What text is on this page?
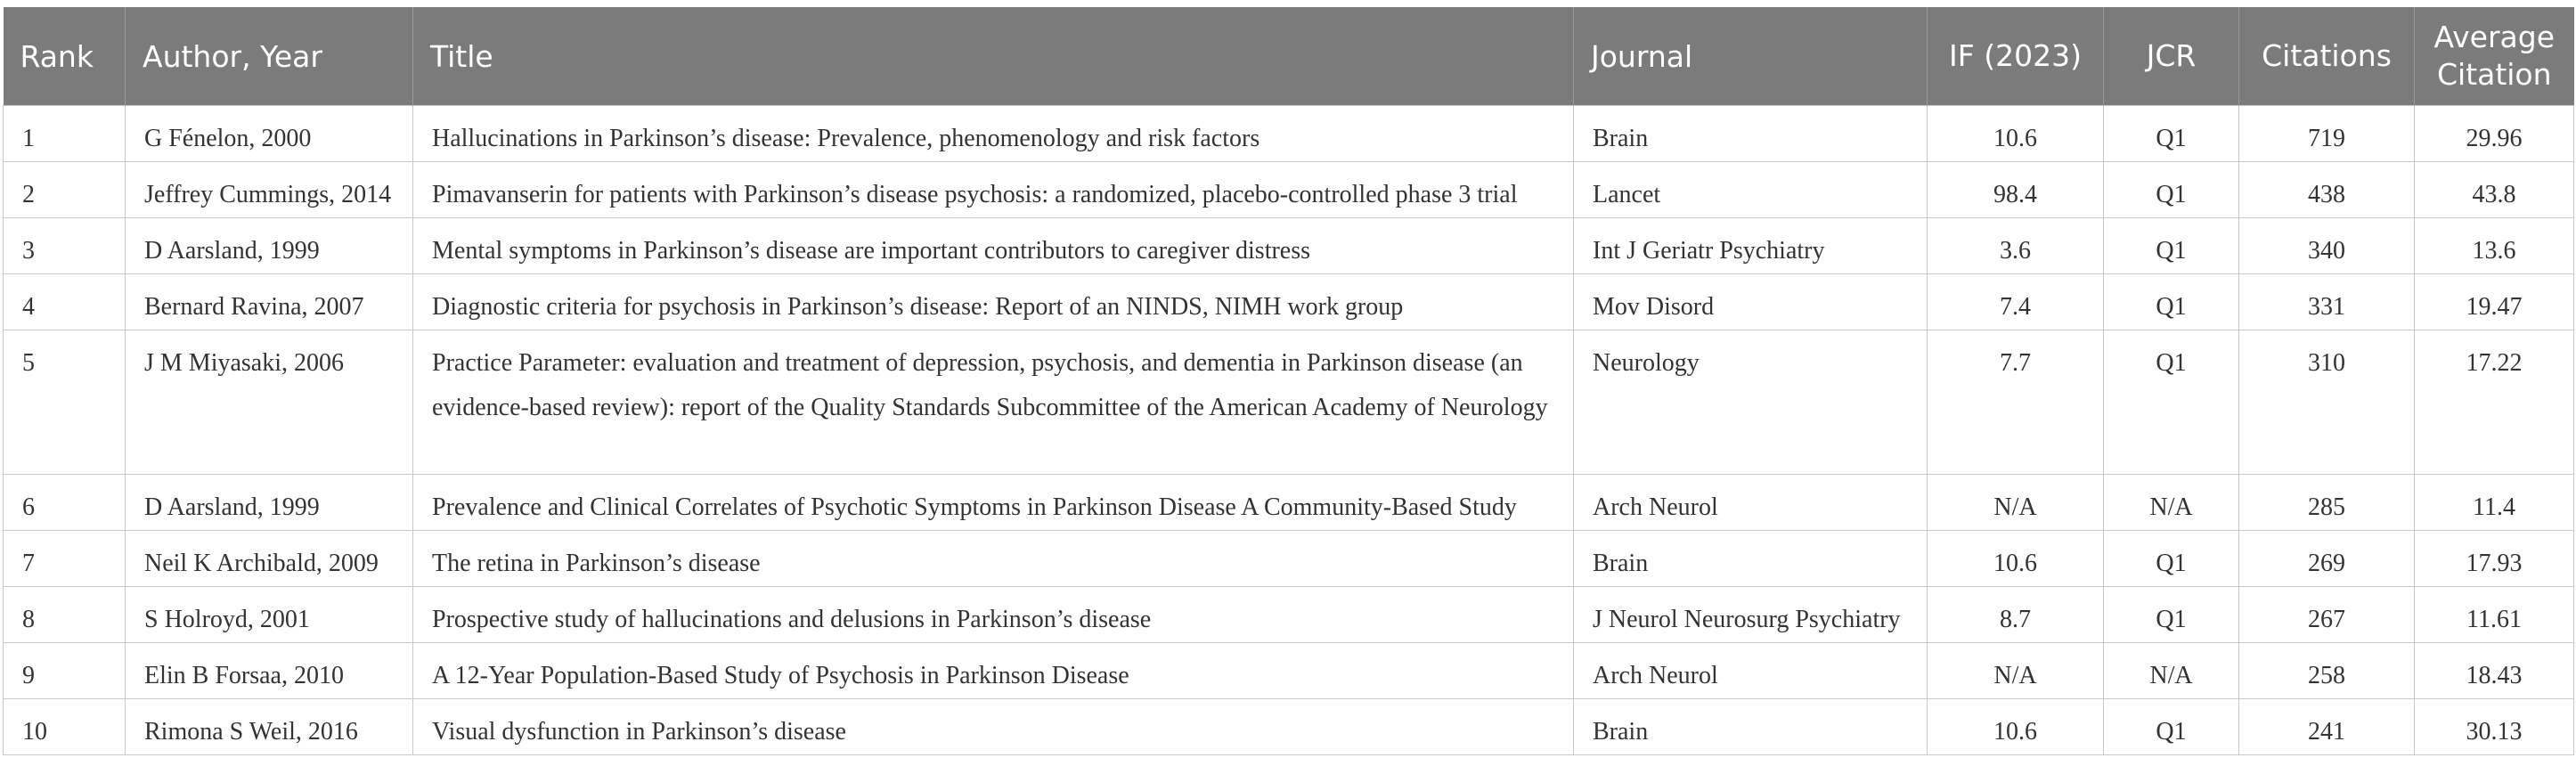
Rank	Author, Year	Title	Journal	IF (2023)	JCR	Citations	Average
Citation
1	G Fénelon, 2000	Hallucinations in Parkinson’s disease: Prevalence, phenomenology and risk factors	Brain	10.6	Q1	719	29.96
2	Jeffrey Cummings, 2014	Pimavanserin for patients with Parkinson’s disease psychosis: a randomized, placebo-controlled phase 3 trial	Lancet	98.4	Q1	438	43.8
3	D Aarsland, 1999	Mental symptoms in Parkinson’s disease are important contributors to caregiver distress	Int J Geriatr Psychiatry	3.6	Q1	340	13.6
4	Bernard Ravina, 2007	Diagnostic criteria for psychosis in Parkinson’s disease: Report of an NINDS, NIMH work group	Mov Disord	7.4	Q1	331	19.47
5	J M Miyasaki, 2006	Practice Parameter: evaluation and treatment of depression, psychosis, and dementia in Parkinson disease (an evidence-based review): report of the Quality Standards Subcommittee of the American Academy of Neurology	Neurology	7.7	Q1	310	17.22
6	D Aarsland, 1999	Prevalence and Clinical Correlates of Psychotic Symptoms in Parkinson Disease A Community-Based Study	Arch Neurol	N/A	N/A	285	11.4
7	Neil K Archibald, 2009	The retina in Parkinson’s disease	Brain	10.6	Q1	269	17.93
8	S Holroyd, 2001	Prospective study of hallucinations and delusions in Parkinson’s disease	J Neurol Neurosurg Psychiatry	8.7	Q1	267	11.61
9	Elin B Forsaa, 2010	A 12-Year Population-Based Study of Psychosis in Parkinson Disease	Arch Neurol	N/A	N/A	258	18.43
10	Rimona S Weil, 2016	Visual dysfunction in Parkinson’s disease	Brain	10.6	Q1	241	30.13
